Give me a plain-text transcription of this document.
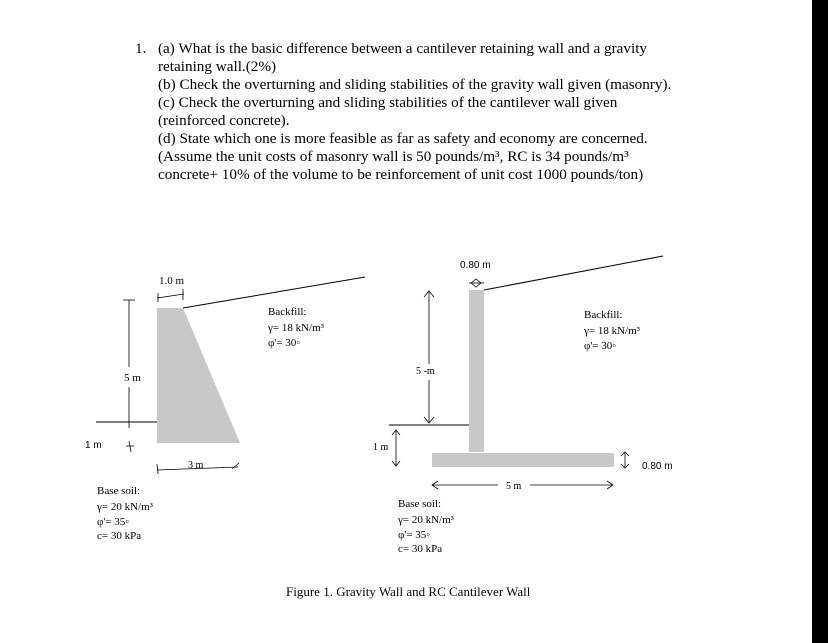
1. (a) What is the basic difference between a cantilever retaining wall and a gravity
retaining wall.(2%)
(b) Check the overturning and sliding stabilities of the gravity wall given (masonry).
(c) Check the overturning and sliding stabilities of the cantilever wall given
(reinforced concrete).
(d) State which one is more feasible as far as safety and economy are concerned.
(Assume the unit costs of masonry wall is 50 pounds/m³, RC is 34 pounds/m³
concrete+ 10% of the volume to be reinforcement of unit cost 1000 pounds/ton)
1.0 m
5 m
1 m
3 m
Backfill:
γ= 18 kN/m³
φ'= 30◦
Base soil:
γ= 20 kN/m³
φ'= 35◦
c= 30 kPa
0.80 m
5 -m
1 m
5 m
0.80 m
Backfill:
γ= 18 kN/m³
φ'= 30◦
Base soil:
γ= 20 kN/m³
φ'= 35◦
c= 30 kPa
Figure 1. Gravity Wall and RC Cantilever Wall
